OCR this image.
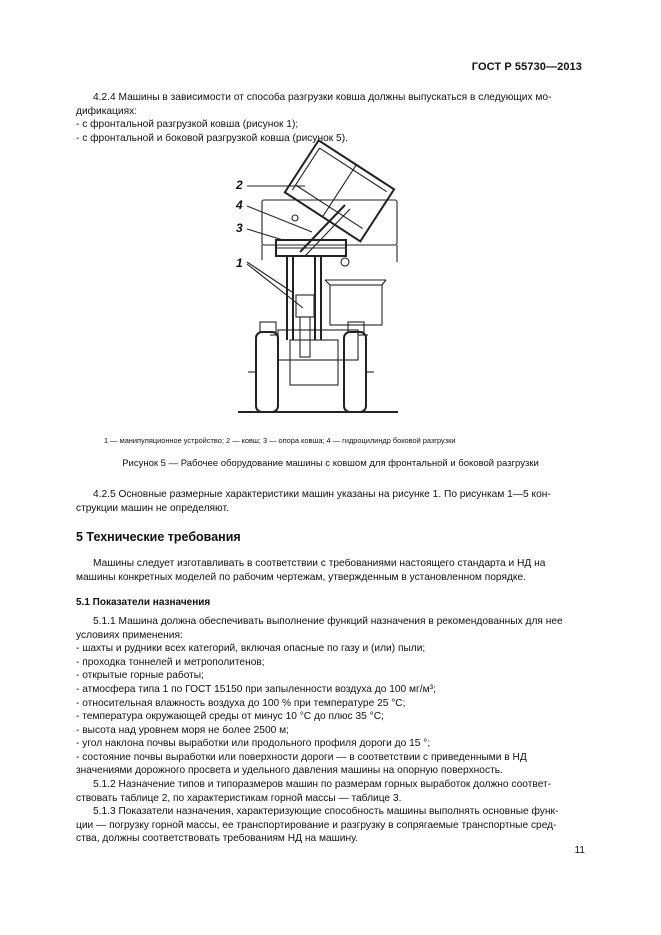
ГОСТ Р 55730—2013
4.2.4 Машины в зависимости от способа разгрузки ковша должны выпускаться в следующих мо-
дификациях:
- с фронтальной разгрузкой ковша (рисунок 1);
- с фронтальной и боковой разгрузкой ковша (рисунок 5).
2
4
3
1
1 — манипуляционное устройство; 2 — ковш; 3 — опора ковша; 4 — гидроцилиндр боковой разгрузки
Рисунок 5 — Рабочее оборудование машины с ковшом для фронтальной и боковой разгрузки
4.2.5 Основные размерные характеристики машин указаны на рисунке 1. По рисункам 1—5 кон-
струкции машин не определяют.
5 Технические требования
Машины следует изготавливать в соответствии с требованиями настоящего стандарта и НД на
машины конкретных моделей по рабочим чертежам, утвержденным в установленном порядке.
5.1 Показатели назначения
5.1.1 Машина должна обеспечивать выполнение функций назначения в рекомендованных для нее
условиях применения:
- шахты и рудники всех категорий, включая опасные по газу и (или) пыли;
- проходка тоннелей и метрополитенов;
- открытые горные работы;
- атмосфера типа 1 по ГОСТ 15150 при запыленности воздуха до 100 мг/м³;
- относительная влажность воздуха до 100 % при температуре 25 °С;
- температура окружающей среды от минус 10 °С до плюс 35 °С;
- высота над уровнем моря не более 2500 м;
- угол наклона почвы выработки или продольного профиля дороги до 15 °;
- состояние почвы выработки или поверхности дороги — в соответствии с приведенными в НД
значениями дорожного просвета и удельного давления машины на опорную поверхность.
5.1.2 Назначение типов и типоразмеров машин по размерам горных выработок должно соответ-
ствовать таблице 2, по характеристикам горной массы — таблице 3.
5.1.3 Показатели назначения, характеризующие способность машины выполнять основные функ-
ции — погрузку горной массы, ее транспортирование и разгрузку в сопрягаемые транспортные сред-
ства, должны соответствовать требованиям НД на машину.
11
